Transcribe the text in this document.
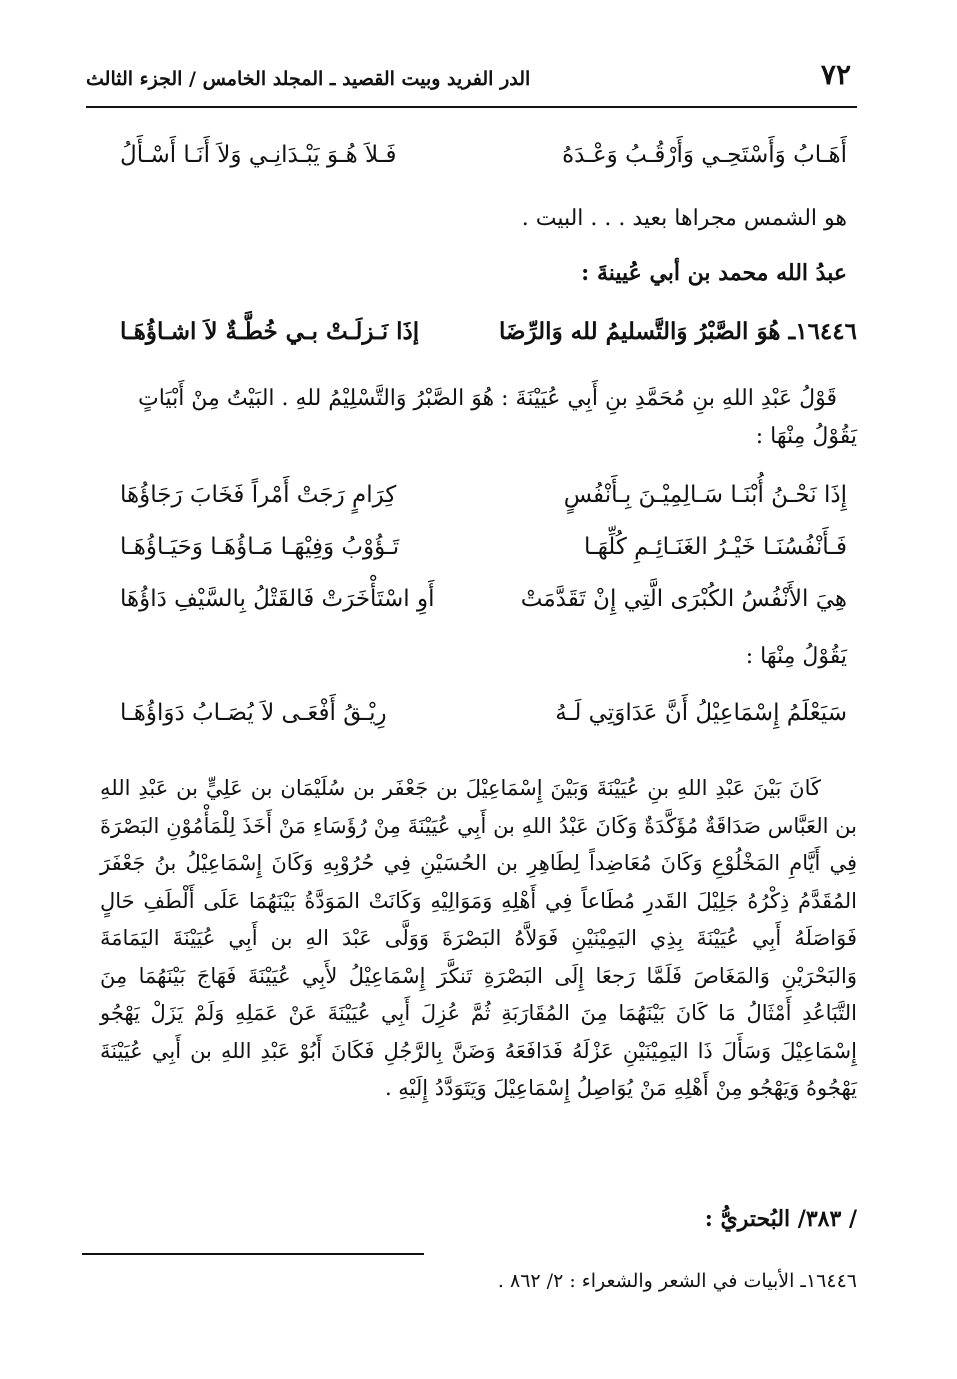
٧٢
الدر الفريد وبيت القصيد ـ المجلد الخامس / الجزء الثالث
أَهَـابُ وَأَسْتَحِـي وَأَرْقُـبُ وَعْـدَهُ
فَـلاَ هُـوَ يَبْـدَانِـي وَلاَ أَنَـا أَسْـأَلُ
هو الشمس مجراها بعيد . . . البيت .
عبدُ الله محمد بن أبي عُيينةَ :
١٦٤٤٦ـ هُوَ الصَّبْرُ وَالتَّسليمُ لله وَالرِّضَا
إذَا نَـزلَـتْ بـي خُطَّـةٌ لاَ اشـاؤُهَـا
قَوْلُ عَبْدِ اللهِ بنِ مُحَمَّدِ بنِ أَبِي عُيَيْنَةَ : هُوَ الصَّبْرُ وَالتَّسْلِيْمُ للهِ . البَيْتُ مِنْ أَبْيَاتٍ
يَقُوْلُ مِنْهَا :
إِذَا نَحْـنُ أُبْنَـا سَـالِمِيْـنَ بِـأَنْفُسٍ
كِرَامٍ رَجَتْ أَمْراً فَخَابَ رَجَاؤُهَا
فَـأَنْفُسُنَـا خَيْـرُ الغَنَـائِـمِ كُلِّهَـا
تَـؤُوْبُ وَفِيْهَـا مَـاؤُهَـا وَحَيَـاؤُهَـا
هِيَ الأَنْفُسُ الكُبْرَى الَّتِي إِنْ تَقَدَّمَتْ
أَوِ اسْتَأْخَرَتْ فَالقَتْلُ بِالسَّيْفِ دَاؤُهَا
يَقُوْلُ مِنْهَا :
سَيَعْلَمُ إِسْمَاعِيْلُ أَنَّ عَدَاوَتِي لَـهُ
رِيْـقُ أَفْعَـى لاَ يُصَـابُ دَوَاؤُهَـا

كَانَ بَيْنَ عَبْدِ اللهِ بنِ عُيَيْنَةَ وَبَيْنَ إِسْمَاعِيْلَ بن جَعْفَر بن سُلَيْمَان بن عَلِيٍّ بن عَبْدِ اللهِ بن العَبَّاس صَدَاقَةٌ مُؤَكَّدَةٌ وَكَانَ عَبْدُ اللهِ بن أَبِي عُيَيْنَةَ مِنْ رُؤَسَاءِ مَنْ أَخَذَ لِلْمَأْمُوْنِ البَصْرَةَ فِي أَيَّامِ المَخْلُوْعِ وَكَانَ مُعَاضِداً لِطَاهِرِ بن الحُسَيْنِ فِي حُرُوْبِهِ وَكَانَ إِسْمَاعِيْلُ بنُ جَعْفَرَ المُقَدَّمُ ذِكْرُهُ جَلِيْلَ القَدرِ مُطَاعاً فِي أَهْلِهِ وَمَوَالِيْهِ وَكَانَتْ المَوَدَّةُ بَيْنَهُمَا عَلَى أَلْطَفِ حَالٍ فَوَاصَلَهُ أَبِي عُيَيْنَةَ بِذِي اليَمِيْنَيْنِ فَوَلاَّهُ البَصْرَةَ وَوَلَّى عَبْدَ الهِ بن أَبِي عُيَيْنَةَ اليَمَامَةَ وَالبَحْرَيْنِ وَالمَغَاصَ فَلَمَّا رَجعَا إِلَى البَصْرَةِ تَنكَّرَ إِسْمَاعِيْلُ لأَبِي عُيَيْنَةَ فَهَاجَ بَيْنَهُمَا مِنَ التَّبَاعُدِ أَمْثَالُ مَا كَانَ بَيْنَهُمَا مِنَ المُقَارَبَةِ ثُمَّ عُزِلَ أَبِي عُيَيْنَةَ عَنْ عَمَلِهِ وَلَمْ يَزَلْ يَهْجُو إِسْمَاعِيْلَ وَسَأَلَ ذَا اليَمِيْنَيْنِ عَزْلَهُ فَدَافَعَهُ وَضَنَّ بِالرَّجُلِ فَكَانَ أَبُوْ عَبْدِ اللهِ بن أَبِي عُيَيْنَةَ يَهْجُوهُ وَيَهْجُو مِنْ أَهْلِهِ مَنْ يُوَاصِلُ إِسْمَاعِيْلَ وَيَتَوَدَّدُ إِلَيْهِ .

/ ٣٨٣/ البُحتريُّ :
١٦٤٤٦ـ الأبيات في الشعر والشعراء : ٢/ ٨٦٢ .
